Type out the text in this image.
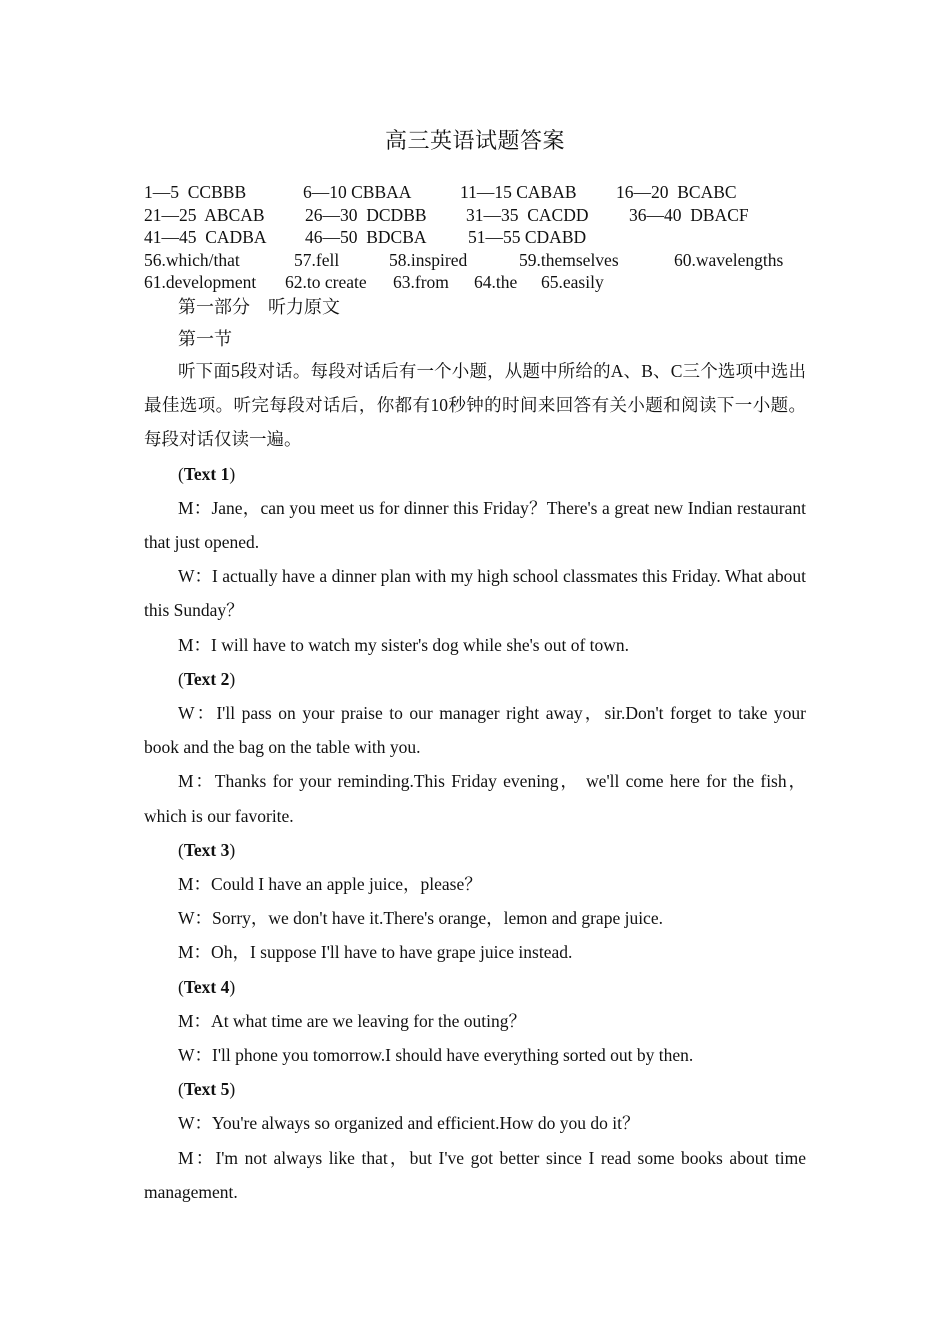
高三英语试题答案
1—5  CCBBB	6—10 CBBAA	11—15 CABAB 16—20  BCABC
21—25  ABCAB 26—30  DCDBB 31—35  CACDD 36—40  DBACF
41—45  CADBA 46—50  BDCBA 51—55 CDABD
56.which/that	57.fell	58.inspired	59.themselves	60.wavelengths
61.development 62.to create 63.from 64.the 65.easily
第一部分    听力原文
第一节

听下面5段对话。每段对话后有一个小题，从题中所给的A、B、C三个选项中选出最佳选项。听完每段对话后，你都有10秒钟的时间来回答有关小题和阅读下一小题。每段对话仅读一遍。

(Text 1)

M：Jane，can you meet us for dinner this Friday？There's a great new Indian restaurant that just opened.

W：I actually have a dinner plan with my high school classmates this Friday. What about this Sunday？

M：I will have to watch my sister's dog while she's out of town.

(Text 2)

W：I'll pass on your praise to our manager right away，sir.Don't forget to take your book and the bag on the table with you.

M：Thanks for your reminding.This Friday evening， we'll come here for the fish，which is our favorite.

(Text 3)

M：Could I have an apple juice，please？

W：Sorry，we don't have it.There's orange，lemon and grape juice.

M：Oh，I suppose I'll have to have grape juice instead.

(Text 4)

M：At what time are we leaving for the outing？

W：I'll phone you tomorrow.I should have everything sorted out by then.

(Text 5)

W：You're always so organized and efficient.How do you do it？

M：I'm not always like that，but I've got better since I read some books about time management.
